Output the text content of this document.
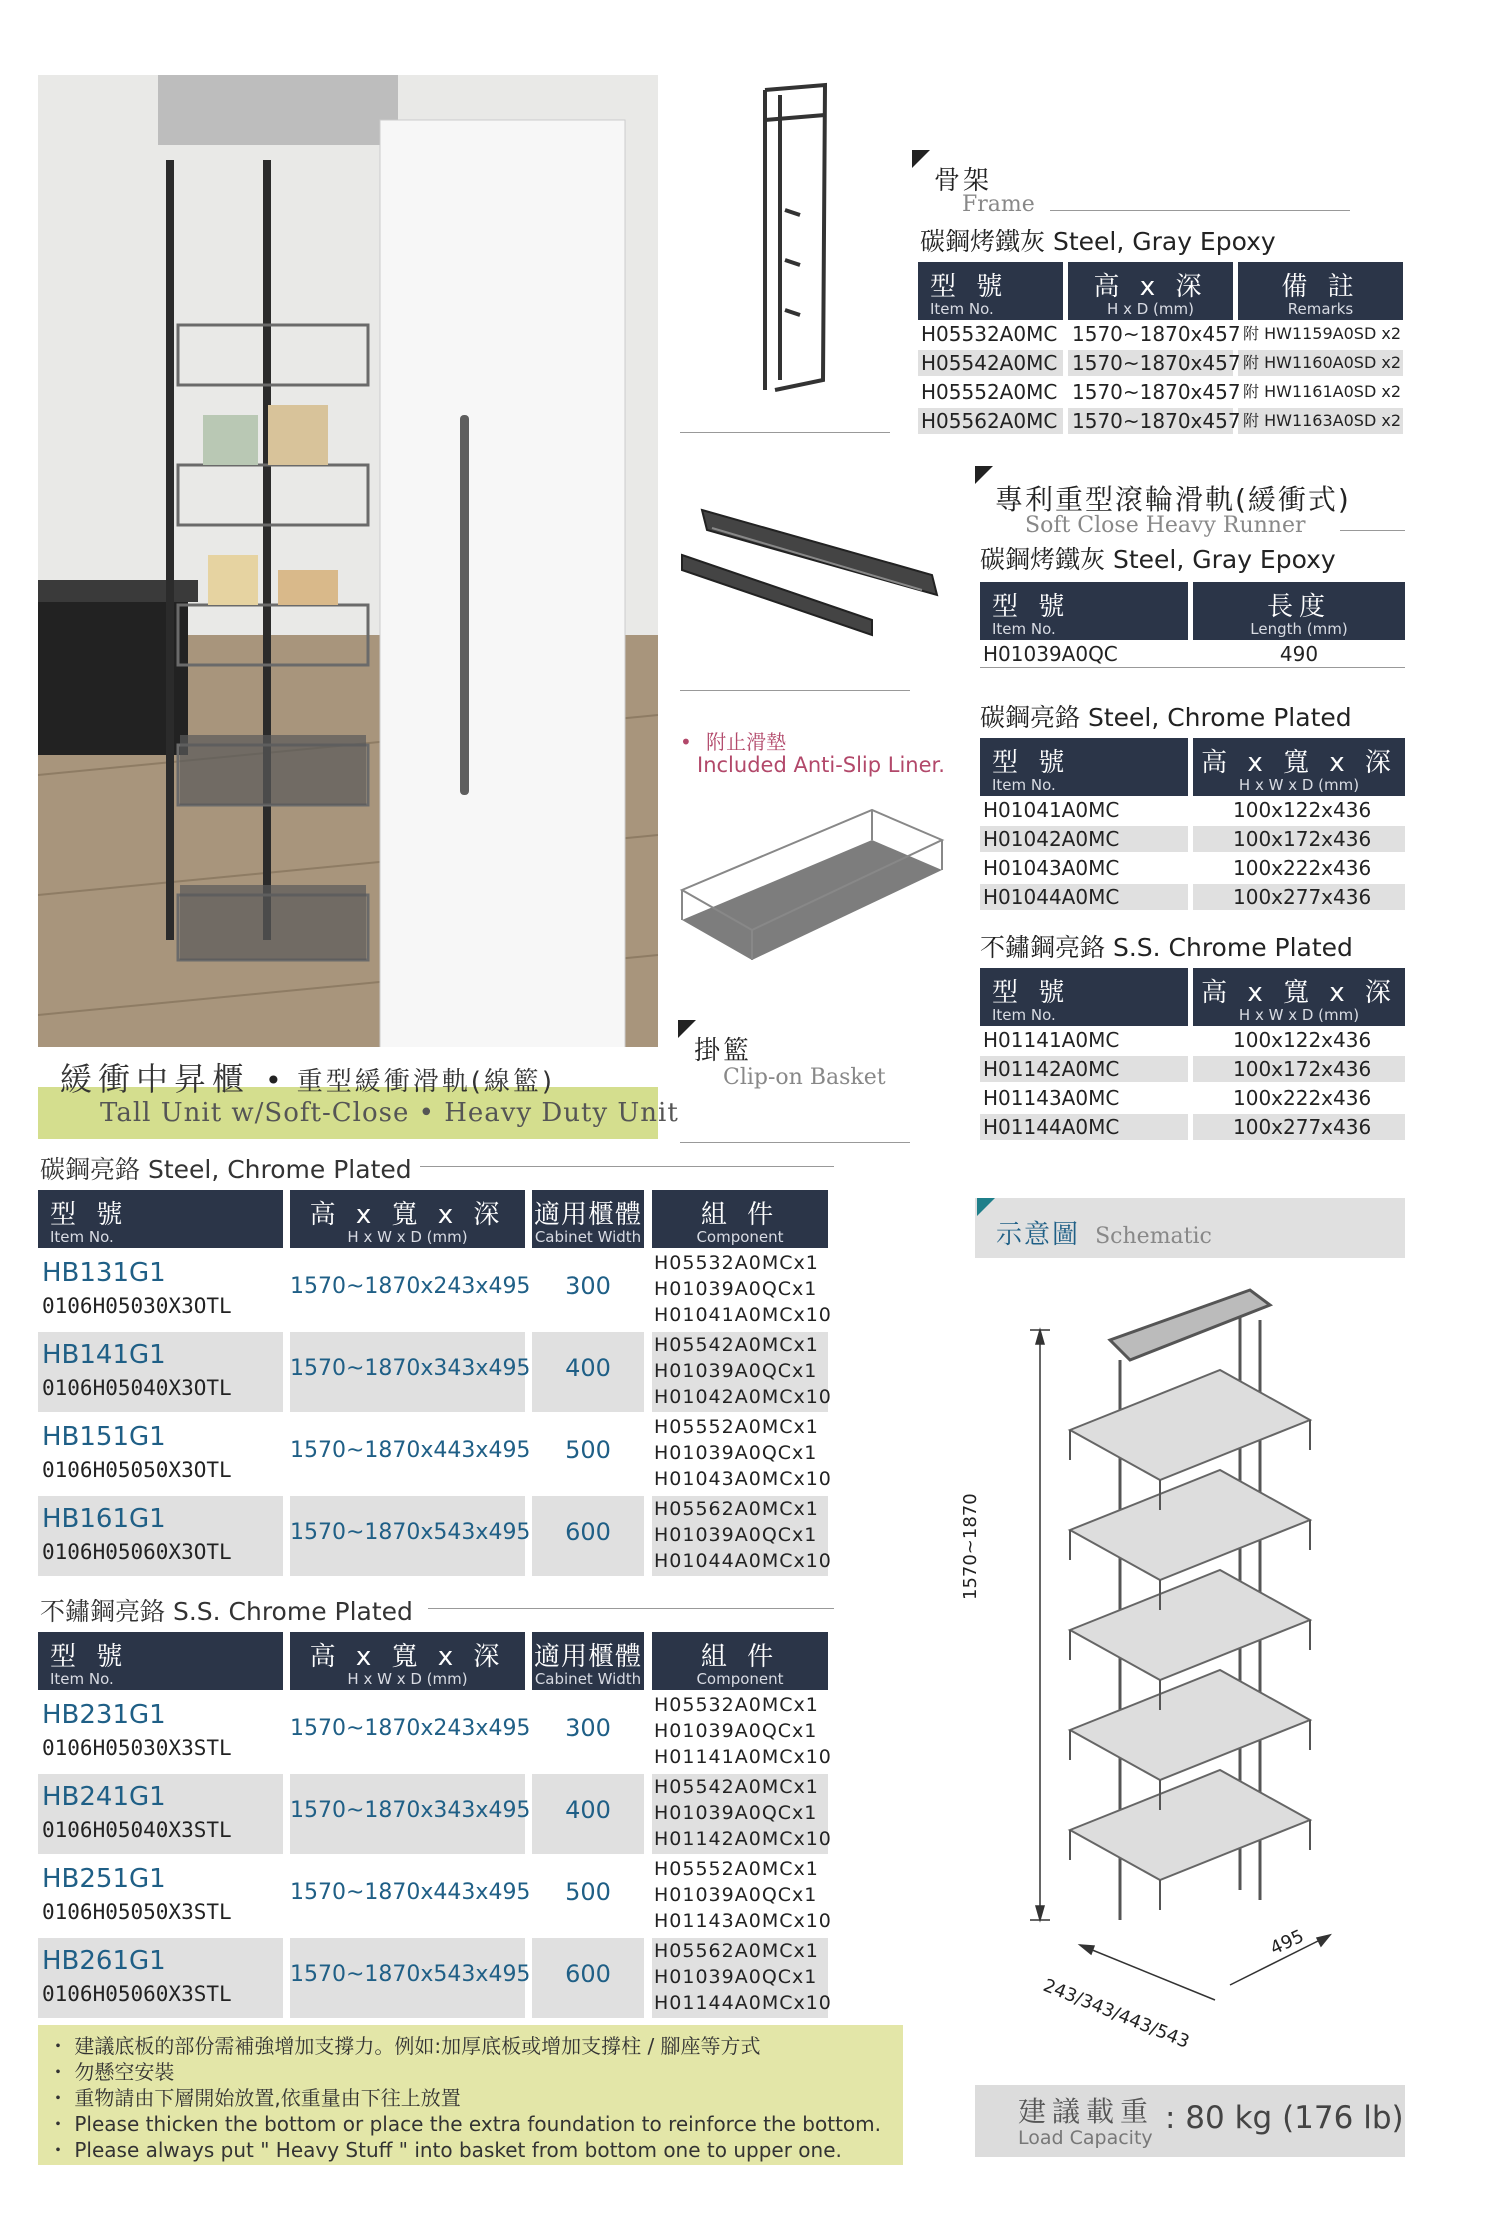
緩衝中昇櫃 • 重型緩衝滑軌(線籃)
Tall Unit w/Soft-Close • Heavy Duty Unit
骨架
Frame
碳鋼烤鐵灰 Steel, Gray Epoxy
型 號
Item No.
高 x 深
H x D (mm)
備 註
Remarks
H05532A0MC 1570~1870x457 附 HW1159A0SD x2
H05542A0MC 1570~1870x457 附 HW1160A0SD x2
H05552A0MC 1570~1870x457 附 HW1161A0SD x2
H05562A0MC 1570~1870x457 附 HW1163A0SD x2
專利重型滾輪滑軌(緩衝式)
Soft Close Heavy Runner
碳鋼烤鐵灰 Steel, Gray Epoxy
型 號
Item No.
長度
Length (mm)
H01039A0QC	490
• 附止滑墊
Included Anti-Slip Liner.
掛籃
Clip-on Basket
碳鋼亮鉻 Steel, Chrome Plated
型 號
Item No.
高 x 寬 x 深
H x W x D (mm)
H01041A0MC	100x122x436
H01042A0MC	100x172x436
H01043A0MC	100x222x436
H01044A0MC	100x277x436
不鏽鋼亮鉻 S.S. Chrome Plated
型 號
Item No.
高 x 寬 x 深
H x W x D (mm)
H01141A0MC	100x122x436
H01142A0MC	100x172x436
H01143A0MC	100x222x436
H01144A0MC	100x277x436
示意圖 Schematic
1570~1870
495
243/343/443/543
建議載重
Load Capacity
: 80 kg (176 lb)
碳鋼亮鉻 Steel, Chrome Plated
型 號
Item No.
高 x 寬 x 深
H x W x D (mm)
適用櫃體
Cabinet Width
組 件
Component
HB131G1
0106H05030X3OTL
1570~1870x243x495	300
H05532A0MCx1
H01039A0QCx1
H01041A0MCx10
HB141G1
0106H05040X3OTL
1570~1870x343x495	400
H05542A0MCx1
H01039A0QCx1
H01042A0MCx10
HB151G1
0106H05050X3OTL
1570~1870x443x495	500
H05552A0MCx1
H01039A0QCx1
H01043A0MCx10
HB161G1
0106H05060X3OTL
1570~1870x543x495	600
H05562A0MCx1
H01039A0QCx1
H01044A0MCx10
不鏽鋼亮鉻 S.S. Chrome Plated
型 號
Item No.
高 x 寬 x 深
H x W x D (mm)
適用櫃體
Cabinet Width
組 件
Component
HB231G1
0106H05030X3STL
1570~1870x243x495	300
H05532A0MCx1
H01039A0QCx1
H01141A0MCx10
HB241G1
0106H05040X3STL
1570~1870x343x495	400
H05542A0MCx1
H01039A0QCx1
H01142A0MCx10
HB251G1
0106H05050X3STL
1570~1870x443x495	500
H05552A0MCx1
H01039A0QCx1
H01143A0MCx10
HB261G1
0106H05060X3STL
1570~1870x543x495	600
H05562A0MCx1
H01039A0QCx1
H01144A0MCx10
・ 建議底板的部份需補強增加支撐力。例如:加厚底板或增加支撐柱 / 腳座等方式
・ 勿懸空安裝
・ 重物請由下層開始放置,依重量由下往上放置
・ Please thicken the bottom or place the extra foundation to reinforce the bottom.
・ Please always put " Heavy Stuff " into basket from bottom one to upper one.
